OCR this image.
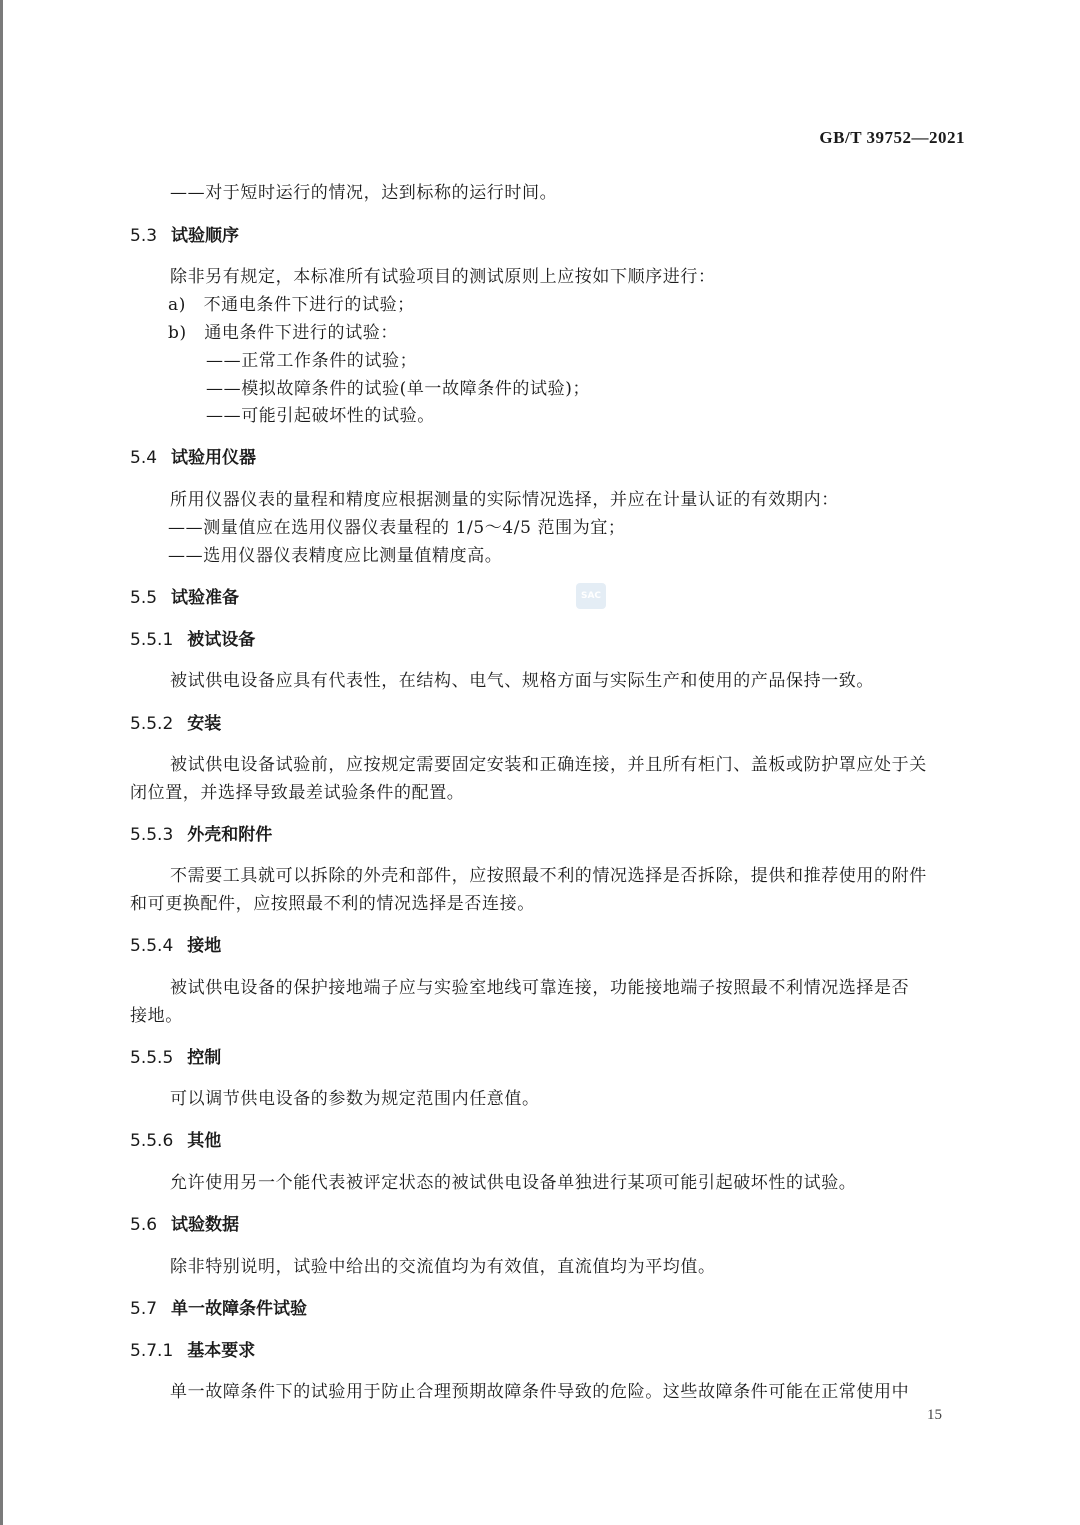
GB/T 39752—2021
——对于短时运行的情况，达到标称的运行时间。
5.3 试验顺序
除非另有规定，本标准所有试验项目的测试原则上应按如下顺序进行：
a)　不通电条件下进行的试验；
b)　通电条件下进行的试验：
——正常工作条件的试验；
——模拟故障条件的试验(单一故障条件的试验)；
——可能引起破坏性的试验。
5.4 试验用仪器
所用仪器仪表的量程和精度应根据测量的实际情况选择，并应在计量认证的有效期内：
——测量值应在选用仪器仪表量程的 1/5～4/5 范围为宜；
——选用仪器仪表精度应比测量值精度高。
5.5 试验准备	SAC
5.5.1 被试设备
被试供电设备应具有代表性，在结构、电气、规格方面与实际生产和使用的产品保持一致。
5.5.2 安装
被试供电设备试验前，应按规定需要固定安装和正确连接，并且所有柜门、盖板或防护罩应处于关
闭位置，并选择导致最差试验条件的配置。
5.5.3 外壳和附件
不需要工具就可以拆除的外壳和部件，应按照最不利的情况选择是否拆除，提供和推荐使用的附件
和可更换配件，应按照最不利的情况选择是否连接。
5.5.4 接地
被试供电设备的保护接地端子应与实验室地线可靠连接，功能接地端子按照最不利情况选择是否
接地。
5.5.5 控制
可以调节供电设备的参数为规定范围内任意值。
5.5.6 其他
允许使用另一个能代表被评定状态的被试供电设备单独进行某项可能引起破坏性的试验。
5.6 试验数据
除非特别说明，试验中给出的交流值均为有效值，直流值均为平均值。
5.7 单一故障条件试验
5.7.1 基本要求
单一故障条件下的试验用于防止合理预期故障条件导致的危险。这些故障条件可能在正常使用中
15
